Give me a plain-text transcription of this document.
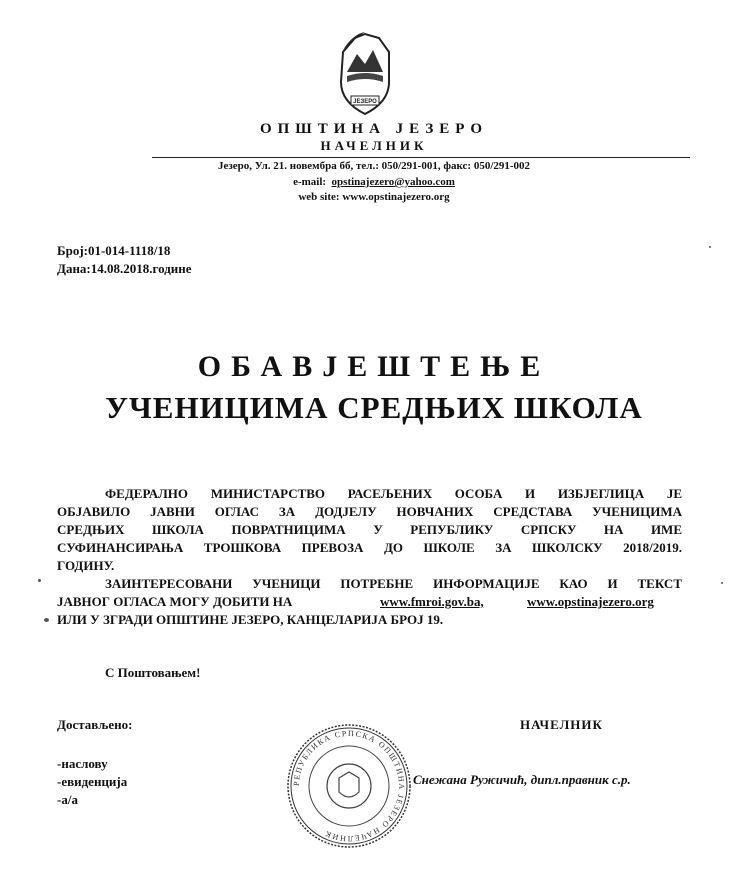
ЈЕЗЕРО
ОПШТИНА ЈЕЗЕРО
НАЧЕЛНИК
Језеро, Ул. 21. новембра бб, тел.: 050/291-001, факс: 050/291-002
e-mail: opstinajezero@yahoo.com
web site: www.opstinajezero.org
Број:01-014-1118/18
Дана:14.08.2018.године
ОБАВЈЕШТЕЊЕ
УЧЕНИЦИМА СРЕДЊИХ ШКОЛА
ФЕДЕРАЛНО МИНИСТАРСТВО РАСЕЉЕНИХ ОСОБА И ИЗБЈЕГЛИЦА ЈЕ
ОБЈАВИЛО ЈАВНИ ОГЛАС ЗА ДОДЈЕЛУ НОВЧАНИХ СРЕДСТАВА УЧЕНИЦИМА
СРЕДЊИХ ШКОЛА ПОВРАТНИЦИМА У РЕПУБЛИКУ СРПСКУ НА ИМЕ
СУФИНАНСИРАЊА ТРОШКОВА ПРЕВОЗА ДО ШКОЛЕ ЗА ШКОЛСКУ 2018/2019.
ГОДИНУ.
ЗАИНТЕРЕСОВАНИ УЧЕНИЦИ ПОТРЕБНЕ ИНФОРМАЦИЈЕ КАО И ТЕКСТ
ЈАВНОГ ОГЛАСА МОГУ ДОБИТИ НА	www.fmroi.gov.ba,	www.opstinajezero.org
ИЛИ У ЗГРАДИ ОПШТИНЕ ЈЕЗЕРО, КАНЦЕЛАРИЈА БРОЈ 19.
С Поштовањем!
Достављено:
-наслову
-евиденција
-а/а
НАЧЕЛНИК
РЕПУБЛИКА СРПСКА ОПШТИНА ЈЕЗЕРО НАЧЕЛНИК
Снежана Ружичић, дипл.правник с.р.
